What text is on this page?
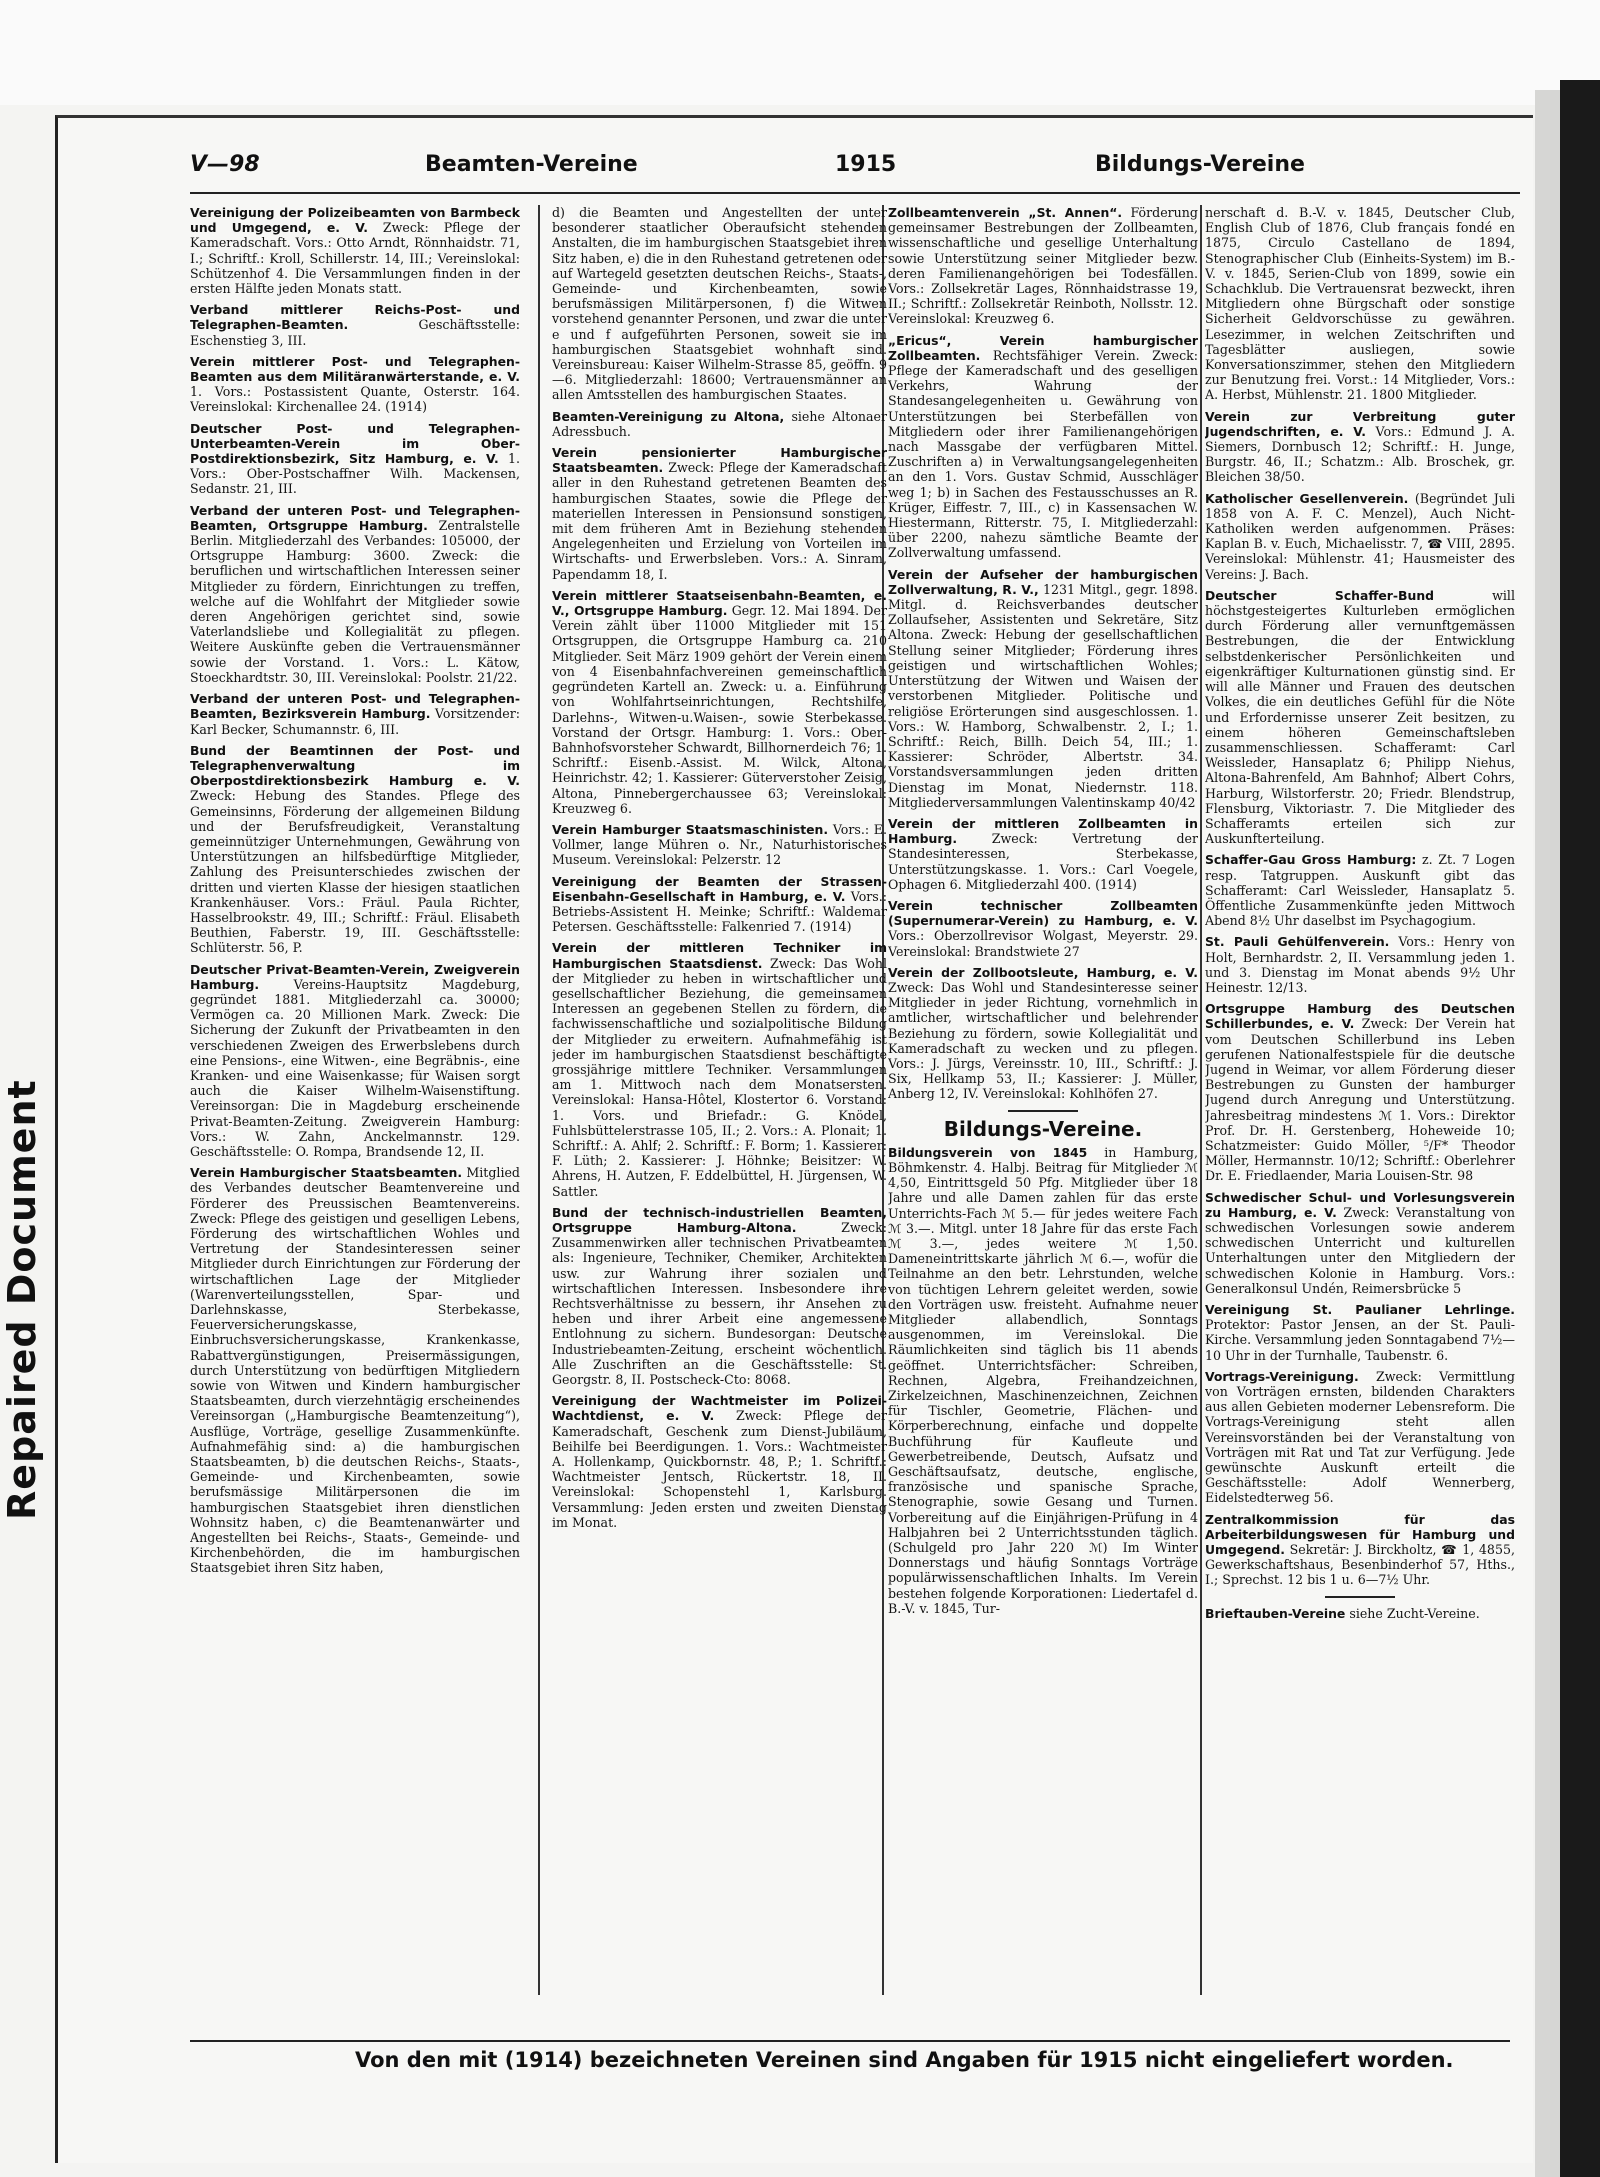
Repaired Document
V—98	Beamten-Vereine	1915	Bildungs-Vereine

Vereinigung der Polizeibeamten von Barmbeck und Umgegend, e. V. Zweck: Pflege der Kameradschaft. Vors.: Otto Arndt, Rönnhaidstr. 71, I.; Schriftf.: Kroll, Schillerstr. 14, III.; Vereinslokal: Schützenhof 4. Die Versammlungen finden in der ersten Hälfte jeden Monats statt.

Verband mittlerer Reichs-Post- und Telegraphen-Beamten.	Geschäftsstelle: Eschenstieg 3, III.

Verein mittlerer Post- und Telegraphen-Beamten aus dem Militäranwärterstande, e. V. 1. Vors.: Postassistent Quante, Osterstr. 164. Vereinslokal: Kirchenallee 24. (1914)

Deutscher Post- und Telegraphen-Unterbeamten-Verein im Ober-Postdirektionsbezirk, Sitz Hamburg, e. V. 1. Vors.: Ober-Postschaffner Wilh. Mackensen, Sedanstr. 21, III.

Verband der unteren Post- und Telegraphen-Beamten, Ortsgruppe Hamburg. Zentralstelle Berlin. Mitgliederzahl des Verbandes: 105000, der Ortsgruppe Hamburg: 3600. Zweck: die beruflichen und wirtschaftlichen Interessen seiner Mitglieder zu fördern, Einrichtungen zu treffen, welche auf die Wohlfahrt der Mitglieder sowie deren Angehörigen gerichtet sind, sowie Vaterlandsliebe und Kollegialität zu pflegen. Weitere Auskünfte geben die Vertrauensmänner sowie der Vorstand. 1. Vors.: L. Kätow, Stoeckhardtstr. 30, III. Vereinslokal: Poolstr. 21/22.

Verband der unteren Post- und Telegraphen-Beamten, Bezirksverein Hamburg. Vorsitzender: Karl Becker, Schumannstr. 6, III.

Bund der Beamtinnen der Post- und Telegraphenverwaltung im Oberpostdirektionsbezirk Hamburg e. V. Zweck: Hebung des Standes. Pflege des Gemeinsinns, Förderung der allgemeinen Bildung und der Berufsfreudigkeit, Veranstaltung gemeinnütziger Unternehmungen, Gewährung von Unterstützungen an hilfsbedürftige Mitglieder, Zahlung des Preisunterschiedes zwischen der dritten und vierten Klasse der hiesigen staatlichen Krankenhäuser. Vors.: Fräul. Paula Richter, Hasselbrookstr. 49, III.; Schriftf.: Fräul. Elisabeth Beuthien, Faberstr. 19, III. Geschäftsstelle: Schlüterstr. 56, P.

Deutscher Privat-Beamten-Verein, Zweigverein Hamburg.	Vereins-Hauptsitz Magdeburg, gegründet 1881. Mitgliederzahl ca. 30000; Vermögen ca. 20 Millionen Mark. Zweck: Die Sicherung der Zukunft der Privatbeamten in den verschiedenen Zweigen des Erwerbslebens durch eine Pensions-, eine Witwen-, eine Begräbnis-, eine Kranken- und eine Waisenkasse; für Waisen sorgt auch die Kaiser Wilhelm-Waisenstiftung. Vereinsorgan: Die in Magdeburg erscheinende Privat-Beamten-Zeitung. Zweigverein Hamburg: Vors.: W. Zahn, Anckelmannstr. 129. Geschäftsstelle: O. Rompa, Brandsende 12, II.

Verein Hamburgischer Staatsbeamten. Mitglied des Verbandes deutscher Beamtenvereine und Förderer des Preussischen Beamtenvereins. Zweck: Pflege des geistigen und geselligen Lebens, Förderung des wirtschaftlichen Wohles und Vertretung der Standesinteressen seiner Mitglieder durch Einrichtungen zur Förderung der wirtschaftlichen Lage der Mitglieder (Warenverteilungsstellen, Spar- und Darlehnskasse, Sterbekasse, Feuerversicherungskasse, Einbruchsversicherungskasse, Krankenkasse, Rabattvergünstigungen, Preisermässigungen, durch Unterstützung von bedürftigen Mitgliedern sowie von Witwen und Kindern hamburgischer Staatsbeamten, durch vierzehntägig erscheinendes Vereinsorgan („Hamburgische Beamtenzeitung“), Ausflüge, Vorträge, gesellige Zusammenkünfte. Aufnahmefähig sind: a) die hamburgischen Staatsbeamten, b) die deutschen Reichs-, Staats-, Gemeinde- und Kirchenbeamten, sowie berufsmässige Militärpersonen die im hamburgischen Staatsgebiet ihren dienstlichen Wohnsitz haben, c) die Beamtenanwärter und Angestellten bei Reichs-, Staats-, Gemeinde- und Kirchenbehörden, die im hamburgischen Staatsgebiet ihren Sitz haben,

d) die Beamten und Angestellten der unter besonderer staatlicher Oberaufsicht stehenden Anstalten, die im hamburgischen Staatsgebiet ihren Sitz haben, e) die in den Ruhestand getretenen oder auf Wartegeld gesetzten deutschen Reichs-, Staats-, Gemeinde- und Kirchenbeamten, sowie berufsmässigen Militärpersonen, f) die Witwen vorstehend genannter Personen, und zwar die unter e und f aufgeführten Personen, soweit sie im hamburgischen Staatsgebiet wohnhaft sind. Vereinsbureau: Kaiser Wilhelm-Strasse 85, geöffn. 9—6. Mitgliederzahl: 18600; Vertrauensmänner an allen Amtsstellen des hamburgischen Staates.

Beamten-Vereinigung zu Altona, siehe Altonaer Adressbuch.

Verein pensionierter Hamburgischer Staatsbeamten. Zweck: Pflege der Kameradschaft aller in den Ruhestand getretenen Beamten des hamburgischen Staates, sowie die Pflege der materiellen Interessen in Pensionsund sonstigen, mit dem früheren Amt in Beziehung stehenden Angelegenheiten und Erzielung von Vorteilen im Wirtschafts- und Erwerbsleben. Vors.: A. Sinram, Papendamm 18, I.

Verein mittlerer Staatseisenbahn-Beamten, e. V., Ortsgruppe Hamburg. Gegr. 12. Mai 1894. Der Verein zählt über 11000 Mitglieder mit 151 Ortsgruppen, die Ortsgruppe Hamburg ca. 210 Mitglieder. Seit März 1909 gehört der Verein einem von 4 Eisenbahnfachvereinen gemeinschaftlich gegründeten Kartell an. Zweck: u. a. Einführung von Wohlfahrtseinrichtungen, Rechtshilfe, Darlehns-, Witwen-u.Waisen-, sowie Sterbekasse. Vorstand der Ortsgr. Hamburg: 1. Vors.: Ober-Bahnhofsvorsteher Schwardt, Billhornerdeich 76; 1. Schriftf.: Eisenb.-Assist. M. Wilck, Altona, Heinrichstr. 42; 1. Kassierer: Güterverstoher Zeisig, Altona, Pinnebergerchaussee 63; Vereinslokal: Kreuzweg 6.

Verein Hamburger Staatsmaschinisten. Vors.: E. Vollmer, lange Mühren o. Nr., Naturhistorisches Museum. Vereinslokal: Pelzerstr. 12

Vereinigung der Beamten der Strassen-Eisenbahn-Gesellschaft in Hamburg, e. V. Vors.: Betriebs-Assistent H. Meinke; Schriftf.: Waldemar Petersen. Geschäftsstelle: Falkenried 7. (1914)

Verein der mittleren Techniker im Hamburgischen Staatsdienst. Zweck: Das Wohl der Mitglieder zu heben in wirtschaftlicher und gesellschaftlicher Beziehung, die gemeinsamen Interessen an gegebenen Stellen zu fördern, die fachwissenschaftliche und sozialpolitische Bildung der Mitglieder zu erweitern. Aufnahmefähig ist jeder im hamburgischen Staatsdienst beschäftigte grossjährige mittlere Techniker. Versammlungen am 1. Mittwoch nach dem Monatsersten. Vereinslokal: Hansa-Hôtel, Klostertor 6. Vorstand: 1. Vors. und Briefadr.: G. Knödel, Fuhlsbüttelerstrasse 105, II.; 2. Vors.: A. Plonait; 1. Schriftf.: A. Ahlf; 2. Schriftf.: F. Borm; 1. Kassierer: F. Lüth; 2. Kassierer: J. Höhnke; Beisitzer: W. Ahrens, H. Autzen, F. Eddelbüttel, H. Jürgensen, W. Sattler.

Bund der technisch-industriellen Beamten, Ortsgruppe Hamburg-Altona.	Zweck: Zusammenwirken aller technischen Privatbeamten als: Ingenieure, Techniker, Chemiker, Architekten usw. zur Wahrung ihrer sozialen und wirtschaftlichen Interessen. Insbesondere ihre Rechtsverhältnisse zu bessern, ihr Ansehen zu heben und ihrer Arbeit eine angemessene Entlohnung zu sichern. Bundesorgan: Deutsche Industriebeamten-Zeitung, erscheint wöchentlich. Alle Zuschriften an die Geschäftsstelle: St. Georgstr. 8, II. Postscheck-Cto: 8068.

Vereinigung der Wachtmeister im Polizei-Wachtdienst, e. V. Zweck: Pflege der Kameradschaft, Geschenk zum Dienst-Jubiläum, Beihilfe bei Beerdigungen. 1. Vors.: Wachtmeister A. Hollenkamp, Quickbornstr. 48, P.; 1. Schriftf.: Wachtmeister Jentsch, Rückertstr. 18, II. Vereinslokal: Schopenstehl 1, Karlsburg. Versammlung: Jeden ersten und zweiten Dienstag im Monat.

Zollbeamtenverein „St. Annen“. Förderung gemeinsamer Bestrebungen der Zollbeamten, wissenschaftliche und gesellige Unterhaltung sowie Unterstützung seiner Mitglieder bezw. deren Familienangehörigen bei Todesfällen. Vors.: Zollsekretär Lages, Rönnhaidstrasse 19, II.; Schriftf.: Zollsekretär Reinboth, Nollsstr. 12. Vereinslokal: Kreuzweg 6.

„Ericus“, Verein hamburgischer Zollbeamten. Rechtsfähiger Verein. Zweck: Pflege der Kameradschaft und des geselligen Verkehrs, Wahrung der Standesangelegenheiten u. Gewährung von Unterstützungen bei Sterbefällen von Mitgliedern oder ihrer Familienangehörigen nach Massgabe der verfügbaren Mittel. Zuschriften a) in Verwaltungsangelegenheiten an den 1. Vors. Gustav Schmid, Ausschläger weg 1; b) in Sachen des Festausschusses an R. Krüger, Eiffestr. 7, III., c) in Kassensachen W. Hiestermann, Ritterstr. 75, I. Mitgliederzahl: über 2200, nahezu sämtliche Beamte der Zollverwaltung umfassend.

Verein der Aufseher der hamburgischen Zollverwaltung, R. V., 1231 Mitgl., gegr. 1898. Mitgl. d. Reichsverbandes deutscher Zollaufseher, Assistenten und Sekretäre, Sitz Altona. Zweck: Hebung der gesellschaftlichen Stellung seiner Mitglieder; Förderung ihres geistigen und wirtschaftlichen Wohles; Unterstützung der Witwen und Waisen der verstorbenen Mitglieder. Politische und religiöse Erörterungen sind ausgeschlossen. 1. Vors.: W. Hamborg, Schwalbenstr. 2, I.; 1. Schriftf.: Reich, Billh. Deich 54, III.; 1. Kassierer: Schröder, Albertstr. 34. Vorstandsversammlungen jeden dritten Dienstag im Monat, Niedernstr. 118. Mitgliederversammlungen Valentinskamp 40/42

Verein der mittleren Zollbeamten in Hamburg.	Zweck: Vertretung der Standesinteressen, Sterbekasse, Unterstützungskasse. 1. Vors.: Carl Voegele, Ophagen 6. Mitgliederzahl 400. (1914)

Verein technischer Zollbeamten (Supernumerar-Verein) zu Hamburg, e. V. Vors.: Oberzollrevisor Wolgast, Meyerstr. 29. Vereinslokal: Brandstwiete 27

Verein der Zollbootsleute, Hamburg, e. V. Zweck: Das Wohl und Standesinteresse seiner Mitglieder in jeder Richtung, vornehmlich in amtlicher, wirtschaftlicher und belehrender Beziehung zu fördern, sowie Kollegialität und Kameradschaft zu wecken und zu pflegen. Vors.: J. Jürgs, Vereinsstr. 10, III., Schriftf.: J. Six, Hellkamp 53, II.; Kassierer: J. Müller, Anberg 12, IV. Vereinslokal: Kohlhöfen 27.

Bildungs-Vereine.

Bildungsverein von 1845 in Hamburg, Böhmkenstr. 4. Halbj. Beitrag für Mitglieder ℳ 4,50, Eintrittsgeld 50 Pfg. Mitglieder über 18 Jahre und alle Damen zahlen für das erste Unterrichts-Fach ℳ 5.— für jedes weitere Fach ℳ 3.—. Mitgl. unter 18 Jahre für das erste Fach ℳ 3.—, jedes weitere ℳ 1,50. Dameneintrittskarte jährlich ℳ 6.—, wofür die Teilnahme an den betr. Lehrstunden, welche von tüchtigen Lehrern geleitet werden, sowie den Vorträgen usw. freisteht. Aufnahme neuer Mitglieder allabendlich, Sonntags ausgenommen, im Vereinslokal. Die Räumlichkeiten sind täglich bis 11 abends geöffnet. Unterrichtsfächer: Schreiben, Rechnen, Algebra, Freihandzeichnen, Zirkelzeichnen, Maschinenzeichnen, Zeichnen für Tischler, Geometrie, Flächen- und Körperberechnung, einfache und doppelte Buchführung für Kaufleute und Gewerbetreibende, Deutsch, Aufsatz und Geschäftsaufsatz, deutsche, englische, französische und spanische Sprache, Stenographie, sowie Gesang und Turnen. Vorbereitung auf die Einjährigen-Prüfung in 4 Halbjahren bei 2 Unterrichtsstunden täglich. (Schulgeld pro Jahr 220 ℳ) Im Winter Donnerstags und häufig Sonntags Vorträge populärwissenschaftlichen Inhalts. Im Verein bestehen folgende Korporationen: Liedertafel d. B.-V. v. 1845, Tur-

nerschaft d. B.-V. v. 1845, Deutscher Club, English Club of 1876, Club français fondé en 1875, Circulo Castellano de 1894, Stenographischer Club (Einheits-System) im B.-V. v. 1845, Serien-Club von 1899, sowie ein Schachklub. Die Vertrauensrat bezweckt, ihren Mitgliedern ohne Bürgschaft oder sonstige Sicherheit Geldvorschüsse zu gewähren. Lesezimmer, in welchen Zeitschriften und Tagesblätter ausliegen, sowie Konversationszimmer, stehen den Mitgliedern zur Benutzung frei. Vorst.: 14 Mitglieder, Vors.: A. Herbst, Mühlenstr. 21. 1800 Mitglieder.

Verein zur Verbreitung guter Jugendschriften, e. V. Vors.: Edmund J. A. Siemers, Dornbusch 12; Schriftf.: H. Junge, Burgstr. 46, II.; Schatzm.: Alb. Broschek, gr. Bleichen 38/50.

Katholischer Gesellenverein. (Begründet Juli 1858 von A. F. C. Menzel), Auch Nicht-Katholiken werden aufgenommen. Präses: Kaplan B. v. Euch, Michaelisstr. 7, ☎ VIII, 2895. Vereinslokal: Mühlenstr. 41; Hausmeister des Vereins: J. Bach.

Deutscher Schaffer-Bund	will höchstgesteigertes Kulturleben ermöglichen durch Förderung aller vernunftgemässen Bestrebungen, die der Entwicklung selbstdenkerischer Persönlichkeiten und eigenkräftiger Kulturnationen günstig sind. Er will alle Männer und Frauen des deutschen Volkes, die ein deutliches Gefühl für die Nöte und Erfordernisse unserer Zeit besitzen, zu einem höheren Gemeinschaftsleben zusammenschliessen. Schafferamt: Carl Weissleder, Hansaplatz 6; Philipp Niehus, Altona-Bahrenfeld, Am Bahnhof; Albert Cohrs, Harburg, Wilstorferstr. 20; Friedr. Blendstrup, Flensburg, Viktoriastr. 7. Die Mitglieder des Schafferamts erteilen sich zur Auskunfterteilung.

Schaffer-Gau Gross Hamburg: z. Zt. 7 Logen resp. Tatgruppen. Auskunft gibt das Schafferamt: Carl Weissleder, Hansaplatz 5. Öffentliche Zusammenkünfte jeden Mittwoch Abend 8½ Uhr daselbst im Psychagogium.

St. Pauli Gehülfenverein. Vors.: Henry von Holt, Bernhardstr. 2, II. Versammlung jeden 1. und 3. Dienstag im Monat abends 9½ Uhr Heinestr. 12/13.

Ortsgruppe Hamburg des Deutschen Schillerbundes, e. V. Zweck: Der Verein hat vom Deutschen Schillerbund ins Leben gerufenen Nationalfestspiele für die deutsche Jugend in Weimar, vor allem Förderung dieser Bestrebungen zu Gunsten der hamburger Jugend durch Anregung und Unterstützung. Jahresbeitrag mindestens ℳ 1. Vors.: Direktor Prof. Dr. H. Gerstenberg, Hoheweide 10; Schatzmeister: Guido Möller, ⁵/F* Theodor Möller, Hermannstr. 10/12; Schriftf.: Oberlehrer Dr. E. Friedlaender, Maria Louisen-Str. 98

Schwedischer Schul- und Vorlesungsverein zu Hamburg, e. V. Zweck: Veranstaltung von schwedischen Vorlesungen sowie anderem schwedischen Unterricht und kulturellen Unterhaltungen unter den Mitgliedern der schwedischen Kolonie in Hamburg. Vors.: Generalkonsul Undén, Reimersbrücke 5

Vereinigung St. Paulianer Lehrlinge. Protektor: Pastor Jensen, an der St. Pauli-Kirche. Versammlung jeden Sonntagabend 7½—10 Uhr in der Turnhalle, Taubenstr. 6.

Vortrags-Vereinigung. Zweck: Vermittlung von Vorträgen ernsten, bildenden Charakters aus allen Gebieten moderner Lebensreform. Die Vortrags-Vereinigung steht allen Vereinsvorständen bei der Veranstaltung von Vorträgen mit Rat und Tat zur Verfügung. Jede gewünschte Auskunft erteilt die Geschäftsstelle: Adolf Wennerberg, Eidelstedterweg 56.

Zentralkommission für das Arbeiterbildungswesen für Hamburg und Umgegend. Sekretär: J. Birckholtz, ☎ 1, 4855, Gewerkschaftshaus, Besenbinderhof 57, Hths., I.; Sprechst. 12 bis 1 u. 6—7½ Uhr.

Brieftauben-Vereine siehe Zucht-Vereine.

Von den mit (1914) bezeichneten Vereinen sind Angaben für 1915 nicht eingeliefert worden.
